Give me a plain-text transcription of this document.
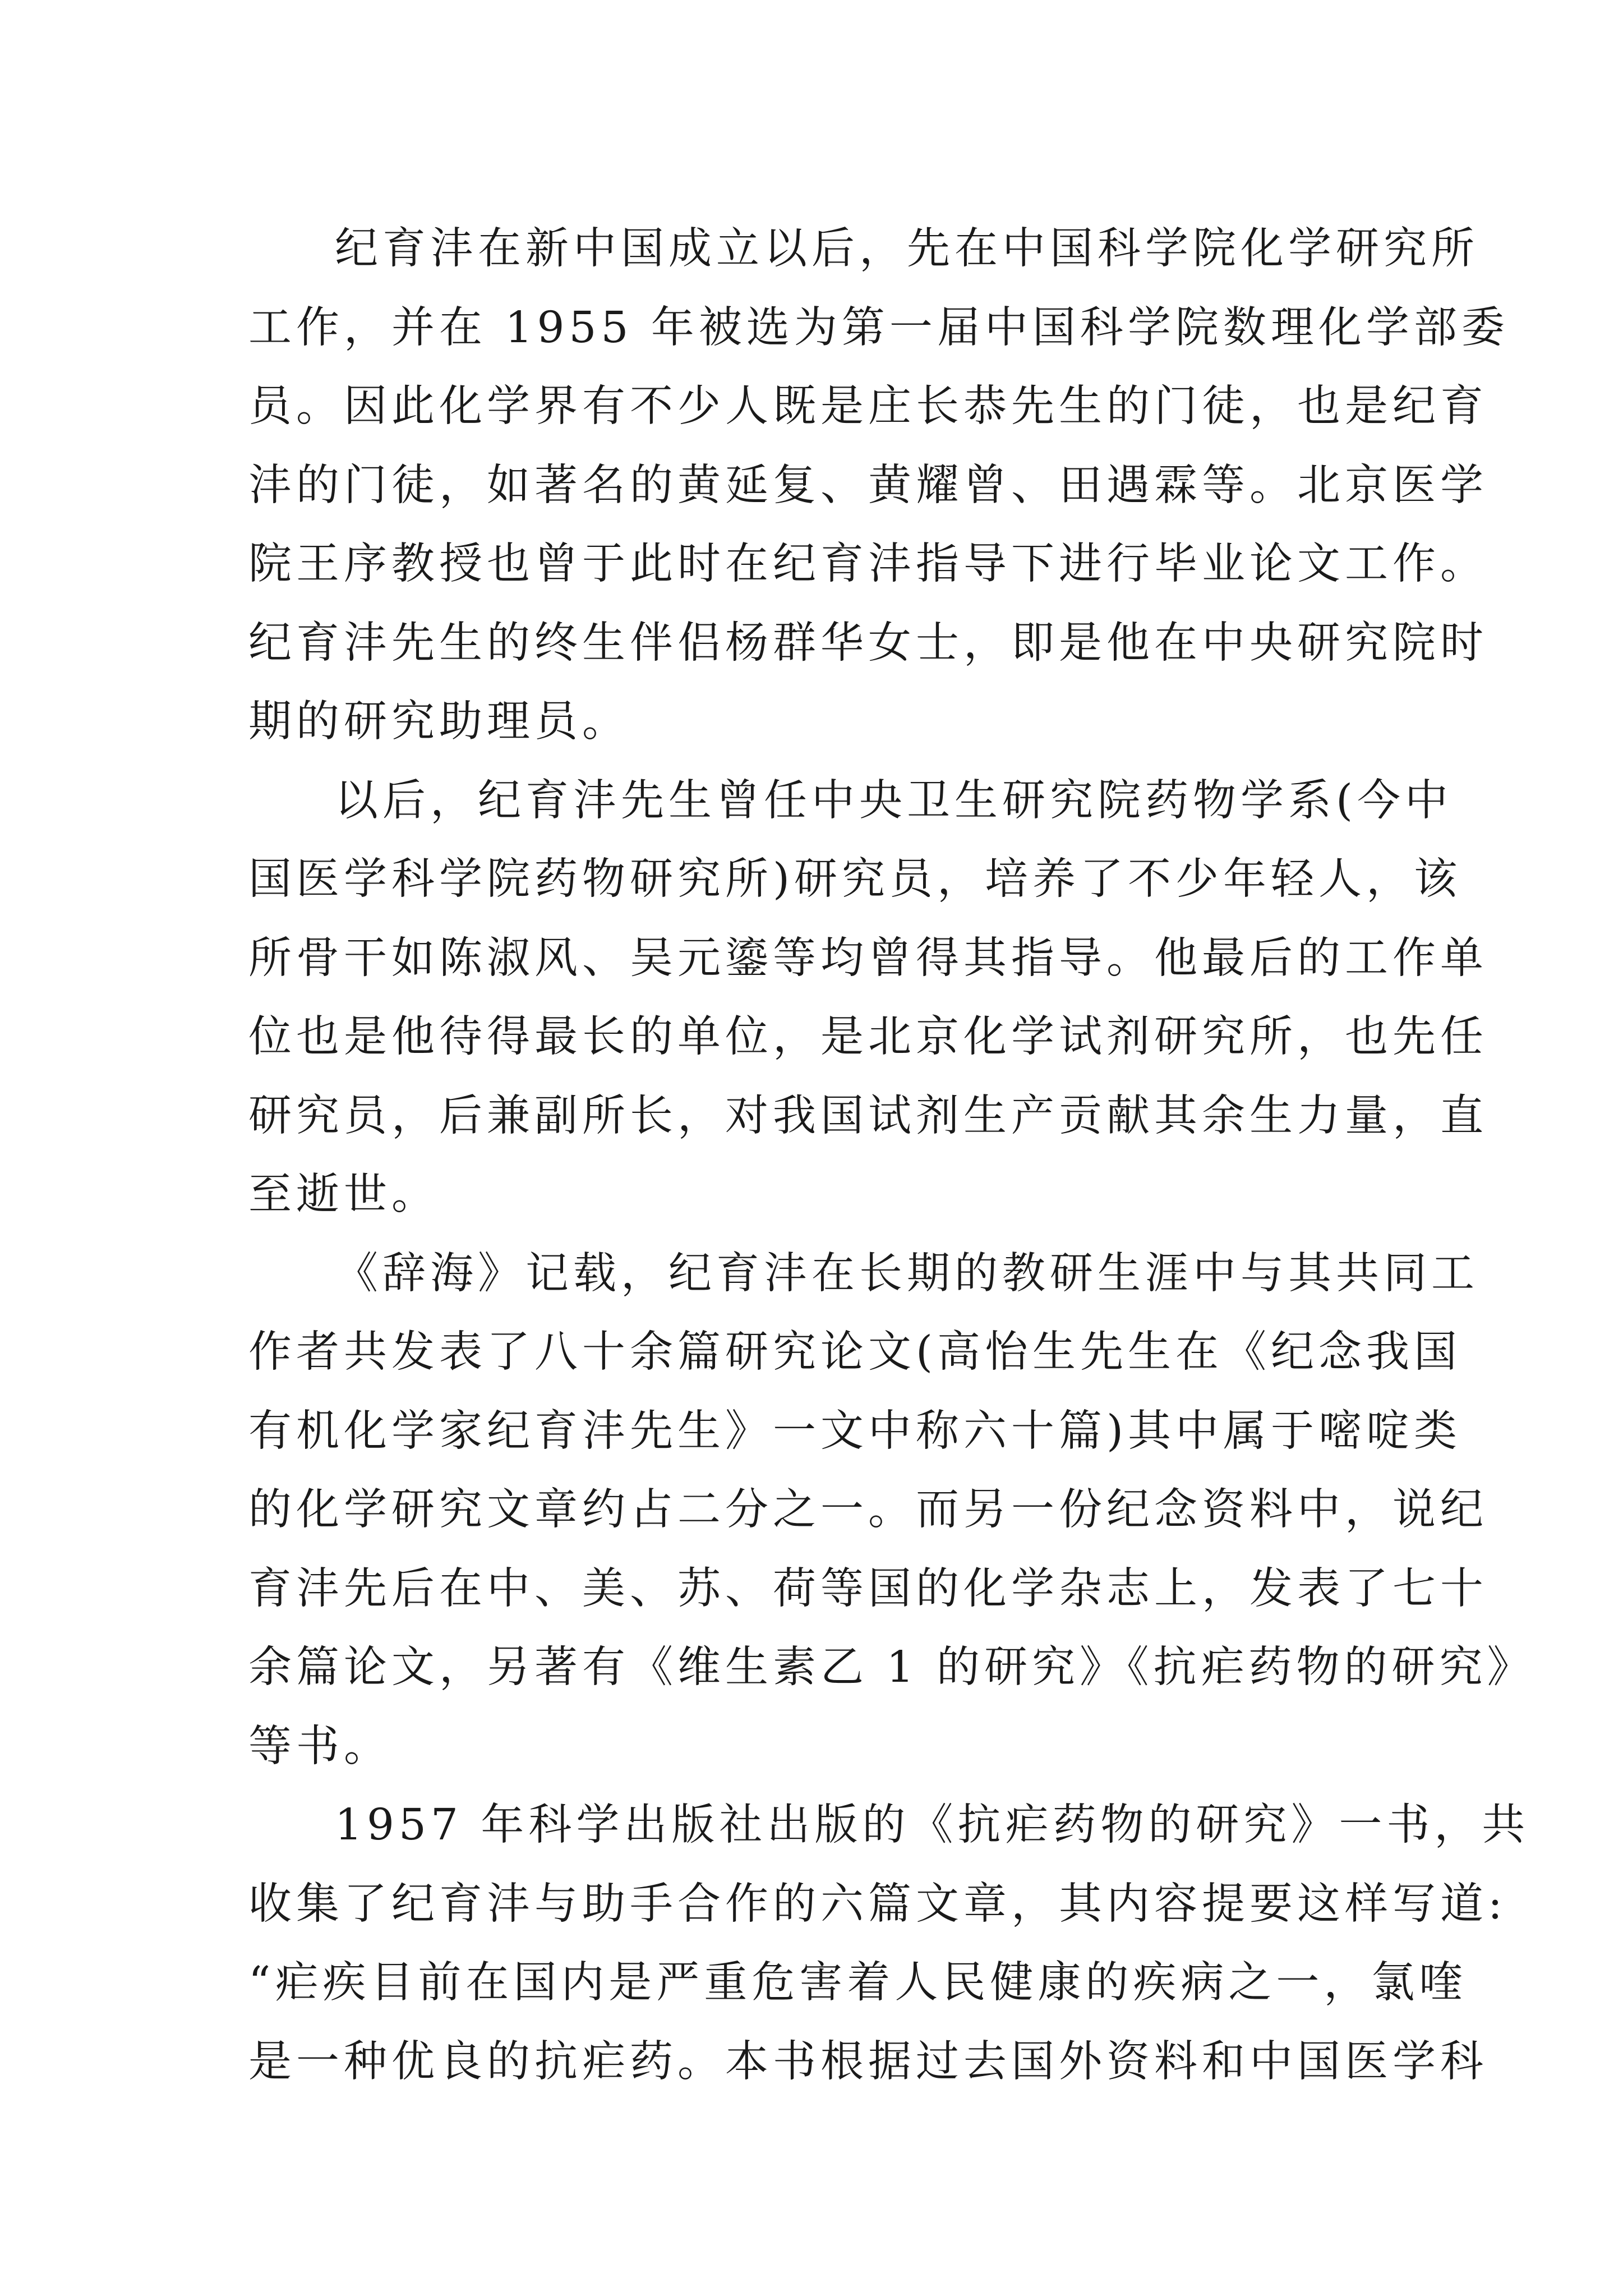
纪育沣在新中国成立以后，先在中国科学院化学研究所
工作，并在 1955 年被选为第一届中国科学院数理化学部委
员。因此化学界有不少人既是庄长恭先生的门徒，也是纪育
沣的门徒，如著名的黄延复、黄耀曾、田遇霖等。北京医学
院王序教授也曾于此时在纪育沣指导下进行毕业论文工作。
纪育沣先生的终生伴侣杨群华女士，即是他在中央研究院时
期的研究助理员。
以后，纪育沣先生曾任中央卫生研究院药物学系(今中
国医学科学院药物研究所)研究员，培养了不少年轻人，该
所骨干如陈淑风、吴元鎏等均曾得其指导。他最后的工作单
位也是他待得最长的单位，是北京化学试剂研究所，也先任
研究员，后兼副所长，对我国试剂生产贡献其余生力量，直
至逝世。
《辞海》记载，纪育沣在长期的教研生涯中与其共同工
作者共发表了八十余篇研究论文(高怡生先生在《纪念我国
有机化学家纪育沣先生》一文中称六十篇)其中属于嘧啶类
的化学研究文章约占二分之一。而另一份纪念资料中，说纪
育沣先后在中、美、苏、荷等国的化学杂志上，发表了七十
余篇论文，另著有《维生素乙 1 的研究》《抗疟药物的研究》
等书。
1957 年科学出版社出版的《抗疟药物的研究》一书，共
收集了纪育沣与助手合作的六篇文章，其内容提要这样写道:
“疟疾目前在国内是严重危害着人民健康的疾病之一，氯喹
是一种优良的抗疟药。本书根据过去国外资料和中国医学科
